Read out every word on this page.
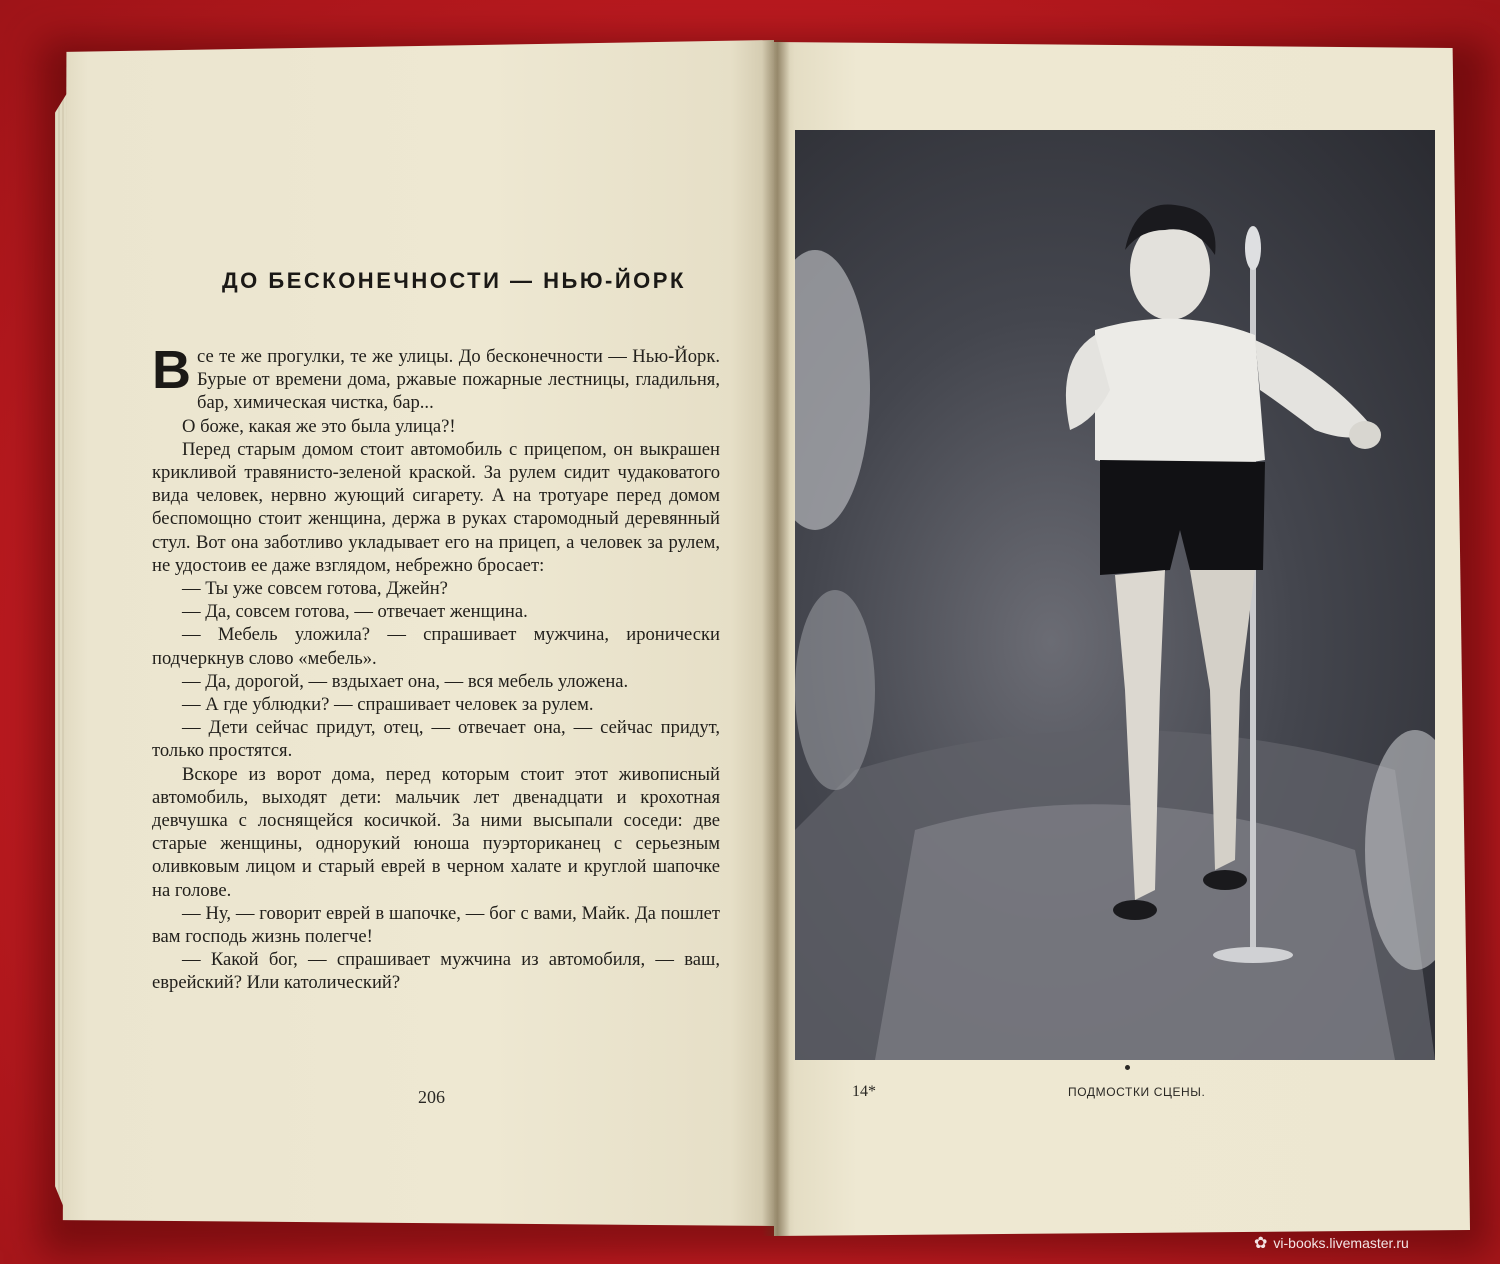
ДО БЕСКОНЕЧНОСТИ — НЬЮ-ЙОРК

Все те же прогулки, те же улицы. До бесконечности — Нью-Йорк. Бурые от времени дома, ржавые пожарные лестницы, гладильня, бар, химическая чистка, бар...

О боже, какая же это была улица?!

Перед старым домом стоит автомобиль с прицепом, он выкрашен крикливой травянисто-зеленой краской. За рулем сидит чудаковатого вида человек, нервно жующий сигарету. А на тротуаре перед домом беспомощно стоит женщина, держа в руках старомодный деревянный стул. Вот она заботливо укладывает его на прицеп, а человек за рулем, не удостоив ее даже взглядом, небрежно бросает:

— Ты уже совсем готова, Джейн?

— Да, совсем готова, — отвечает женщина.

— Мебель уложила? — спрашивает мужчина, иронически подчеркнув слово «мебель».

— Да, дорогой, — вздыхает она, — вся мебель уложена.

— А где ублюдки? — спрашивает человек за рулем.

— Дети сейчас придут, отец, — отвечает она, — сейчас придут, только простятся.

Вскоре из ворот дома, перед которым стоит этот живописный автомобиль, выходят дети: мальчик лет двенадцати и крохотная девчушка с лоснящейся косичкой. За ними высыпали соседи: две старые женщины, однорукий юноша пуэрториканец с серьезным оливковым лицом и старый еврей в черном халате и круглой шапочке на голове.

— Ну, — говорит еврей в шапочке, — бог с вами, Майк. Да пошлет вам господь жизнь полегче!

— Какой бог, — спрашивает мужчина из автомобиля, — ваш, еврейский? Или католический?

206	14*	ПОДМОСТКИ СЦЕНЫ.
✿ vi-books.livemaster.ru
